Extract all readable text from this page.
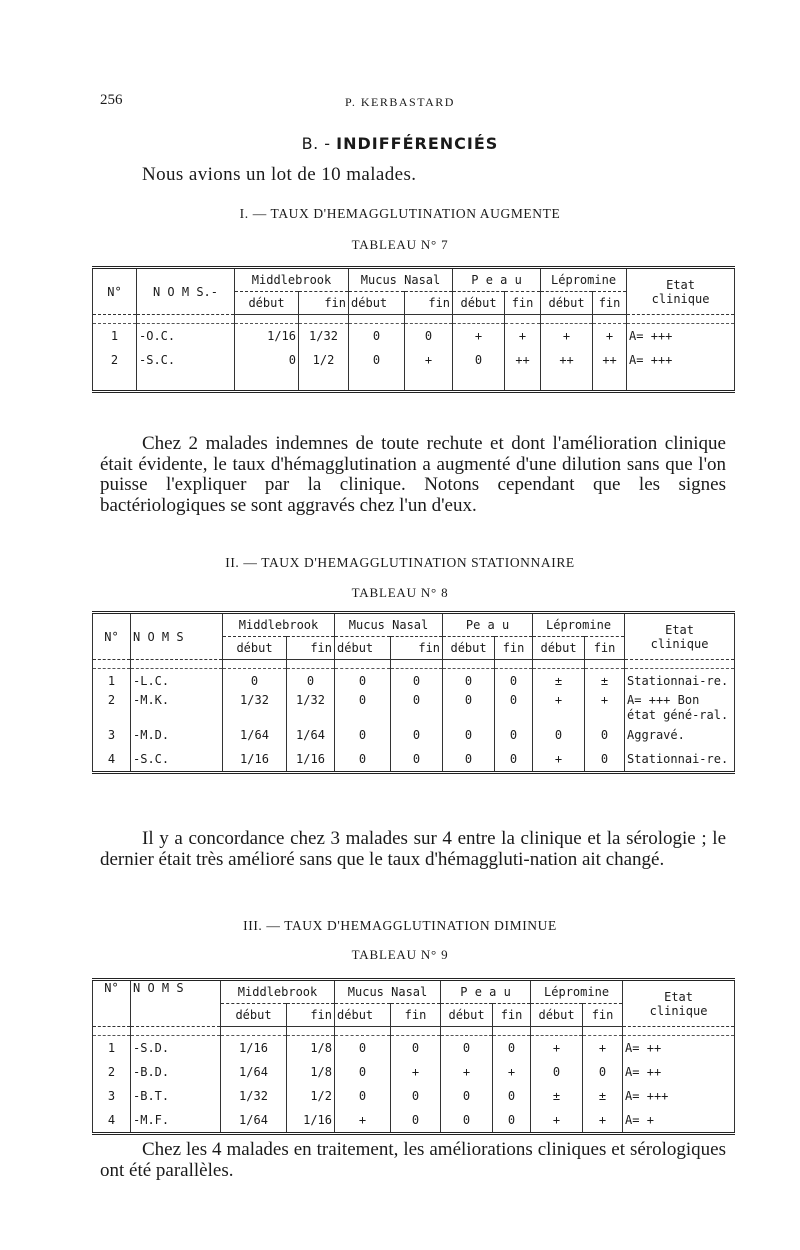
256	P. KERBASTARD
B. - INDIFFÉRENCIÉS
Nous avions un lot de 10 malades.
I. — TAUX D'HEMAGGLUTINATION AUGMENTE
TABLEAU N° 7
N°	N O M S.-	Middlebrook		Mucus Nasal		P e a u		Lépromine		Etat
clinique

		début	fin	début	fin	début	fin	début	fin	

1	-O.C.	1/16	1/32	0	0	+	+	+	+	A= +++
2	-S.C.	0	1/2	0	+	0	++	++	++	A= +++

Chez 2 malades indemnes de toute rechute et dont l'amélioration clinique était évidente, le taux d'hémagglutination a augmenté d'une dilution sans que l'on puisse l'expliquer par la clinique. Notons cependant que les signes bactériologiques se sont aggravés chez l'un d'eux.

II. — TAUX D'HEMAGGLUTINATION STATIONNAIRE
TABLEAU N° 8
N°	N O M S	Middlebrook		Mucus Nasal		Pe a u		Lépromine		Etat
clinique

		début	fin	début	fin	début	fin	début	fin	

1	-L.C.	0	0	0	0	0	0	±	±	Stationnai-re.
2	-M.K.	1/32	1/32	0	0	0	0	+	+	A= +++ Bon état géné-ral.
3	-M.D.	1/64	1/64	0	0	0	0	0	0	Aggravé.
4	-S.C.	1/16	1/16	0	0	0	0	+	0	Stationnai-re.

Il y a concordance chez 3 malades sur 4 entre la clinique et la sérologie ; le dernier était très amélioré sans que le taux d'hémaggluti-nation ait changé.

III. — TAUX D'HEMAGGLUTINATION DIMINUE
TABLEAU N° 9
N°	N O M S	Middlebrook		Mucus Nasal		P e a u		Lépromine		Etat
clinique

		début	fin	début	fin	début	fin	début	fin	

1	-S.D.	1/16	1/8	0	0	0	0	+	+	A= ++
2	-B.D.	1/64	1/8	0	+	+	+	0	0	A= ++
3	-B.T.	1/32	1/2	0	0	0	0	±	±	A= +++
4	-M.F.	1/64	1/16	+	0	0	0	+	+	A= +

Chez les 4 malades en traitement, les améliorations cliniques et sérologiques ont été parallèles.
